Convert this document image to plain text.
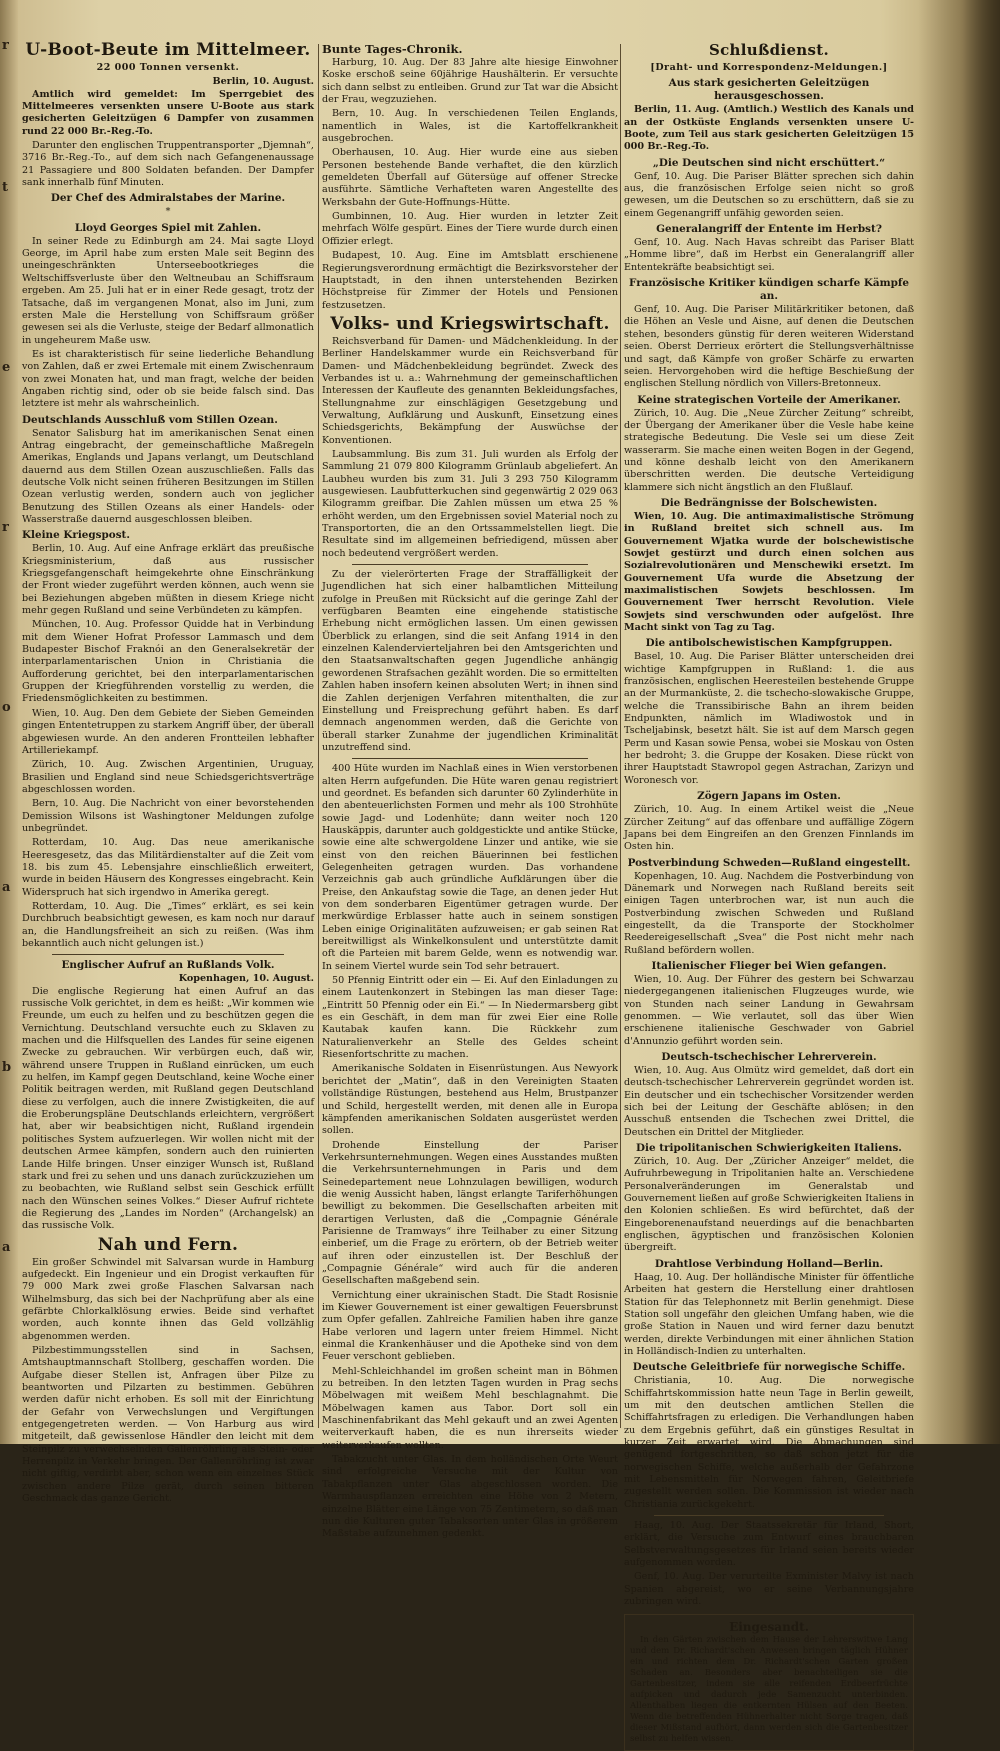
r
t
e
r
o
a
b
a
U-Boot-Beute im Mittelmeer.
22 000 Tonnen versenkt.
Berlin, 10. August.

Amtlich wird gemeldet: Im Sperrgebiet des Mittelmeeres versenkten unsere U-Boote aus stark gesicherten Geleitzügen 6 Dampfer von zusammen rund 22 000 Br.-Reg.-To.

Darunter den englischen Truppentransporter „Djemnah“, 3716 Br.-Reg.-To., auf dem sich nach Gefangenenaussage 21 Passagiere und 800 Soldaten befanden. Der Dampfer sank innerhalb fünf Minuten.

Der Chef des Admiralstabes der Marine.
*
Lloyd Georges Spiel mit Zahlen.

In seiner Rede zu Edinburgh am 24. Mai sagte Lloyd George, im April habe zum ersten Male seit Beginn des uneingeschränkten Unterseebootkrieges die Weltschiffsverluste über den Weltneubau an Schiffsraum ergeben. Am 25. Juli hat er in einer Rede gesagt, trotz der Tatsache, daß im vergangenen Monat, also im Juni, zum ersten Male die Herstellung von Schiffsraum größer gewesen sei als die Verluste, steige der Bedarf allmonatlich in ungeheurem Maße usw.

Es ist charakteristisch für seine liederliche Behandlung von Zahlen, daß er zwei Ertemale mit einem Zwischenraum von zwei Monaten hat, und man fragt, welche der beiden Angaben richtig sind, oder ob sie beide falsch sind. Das letztere ist mehr als wahrscheinlich.

Deutschlands Ausschluß vom Stillen Ozean.

Senator Salisburg hat im amerikanischen Senat einen Antrag eingebracht, der gemeinschaftliche Maßregeln Amerikas, Englands und Japans verlangt, um Deutschland dauernd aus dem Stillen Ozean auszuschließen. Falls das deutsche Volk nicht seinen früheren Besitzungen im Stillen Ozean verlustig werden, sondern auch von jeglicher Benutzung des Stillen Ozeans als einer Handels- oder Wasserstraße dauernd ausgeschlossen bleiben.

Kleine Kriegspost.

Berlin, 10. Aug. Auf eine Anfrage erklärt das preußische Kriegsministerium, daß aus russischer Kriegsgefangenschaft heimgekehrte ohne Einschränkung der Front wieder zugeführt werden können, auch wenn sie bei Beziehungen abgeben müßten in diesem Kriege nicht mehr gegen Rußland und seine Verbündeten zu kämpfen.

München, 10. Aug. Professor Quidde hat in Verbindung mit dem Wiener Hofrat Professor Lammasch und dem Budapester Bischof Fraknói an den Generalsekretär der interparlamentarischen Union in Christiania die Aufforderung gerichtet, bei den interparlamentarischen Gruppen der Kriegführenden vorstellig zu werden, die Friedensmöglichkeiten zu bestimmen.

Wien, 10. Aug. Den dem Gebiete der Sieben Gemeinden gingen Ententetruppen zu starkem Angriff über, der überall abgewiesen wurde. An den anderen Frontteilen lebhafter Artilleriekampf.

Zürich, 10. Aug. Zwischen Argentinien, Uruguay, Brasilien und England sind neue Schiedsgerichtsverträge abgeschlossen worden.

Bern, 10. Aug. Die Nachricht von einer bevorstehenden Demission Wilsons ist Washingtoner Meldungen zufolge unbegründet.

Rotterdam, 10. Aug. Das neue amerikanische Heeresgesetz, das das Militärdienstalter auf die Zeit vom 18. bis zum 45. Lebensjahre einschließlich erweitert, wurde in beiden Häusern des Kongresses eingebracht. Kein Widerspruch hat sich irgendwo in Amerika geregt.

Rotterdam, 10. Aug. Die „Times“ erklärt, es sei kein Durchbruch beabsichtigt gewesen, es kam noch nur darauf an, die Handlungsfreiheit an sich zu reißen. (Was ihm bekanntlich auch nicht gelungen ist.)

Englischer Aufruf an Rußlands Volk.
Kopenhagen, 10. August.

Die englische Regierung hat einen Aufruf an das russische Volk gerichtet, in dem es heißt: „Wir kommen wie Freunde, um euch zu helfen und zu beschützen gegen die Vernichtung. Deutschland versuchte euch zu Sklaven zu machen und die Hilfsquellen des Landes für seine eigenen Zwecke zu gebrauchen. Wir verbürgen euch, daß wir, während unsere Truppen in Rußland einrücken, um euch zu helfen, im Kampf gegen Deutschland, keine Woche einer Politik beitragen werden, mit Rußland gegen Deutschland diese zu verfolgen, auch die innere Zwistigkeiten, die auf die Eroberungspläne Deutschlands erleichtern, vergrößert hat, aber wir beabsichtigen nicht, Rußland irgendein politisches System aufzuerlegen. Wir wollen nicht mit der deutschen Armee kämpfen, sondern auch den ruinierten Lande Hilfe bringen. Unser einziger Wunsch ist, Rußland stark und frei zu sehen und uns danach zurückzuziehen um zu beobachten, wie Rußland selbst sein Geschick erfüllt nach den Wünschen seines Volkes.“ Dieser Aufruf richtete die Regierung des „Landes im Norden“ (Archangelsk) an das russische Volk.

Nah und Fern.

Ein großer Schwindel mit Salvarsan wurde in Hamburg aufgedeckt. Ein Ingenieur und ein Drogist verkauften für 79 000 Mark zwei große Flaschen Salvarsan nach Wilhelmsburg, das sich bei der Nachprüfung aber als eine gefärbte Chlorkalklösung erwies. Beide sind verhaftet worden, auch konnte ihnen das Geld vollzählig abgenommen werden.

Pilzbestimmungsstellen sind in Sachsen, Amtshauptmannschaft Stollberg, geschaffen worden. Die Aufgabe dieser Stellen ist, Anfragen über Pilze zu beantworten und Pilzarten zu bestimmen. Gebühren werden dafür nicht erhoben. Es soll mit der Einrichtung der Gefahr von Verwechslungen und Vergiftungen entgegengetreten werden. — Von Harburg aus wird mitgeteilt, daß gewissenlose Händler den leicht mit dem Steinpilz zu verwechselnden Gallenröhrling als Stein- oder Herrenpilz in Verkehr bringen. Der Gallenröhrling ist zwar nicht giftig, verdirbt aber, schon wenn ein einzelnes Stück zwischen andere Pilze gerät, durch seinen bitteren Geschmack das ganze Gericht.

Bunte Tages-Chronik.

Harburg, 10. Aug. Der 83 Jahre alte hiesige Einwohner Koske erschoß seine 60jährige Haushälterin. Er versuchte sich dann selbst zu entleiben. Grund zur Tat war die Absicht der Frau, wegzuziehen.

Bern, 10. Aug. In verschiedenen Teilen Englands, namentlich in Wales, ist die Kartoffelkrankheit ausgebrochen.

Oberhausen, 10. Aug. Hier wurde eine aus sieben Personen bestehende Bande verhaftet, die den kürzlich gemeldeten Überfall auf Gütersüge auf offener Strecke ausführte. Sämtliche Verhafteten waren Angestellte des Werksbahn der Gute-Hoffnungs-Hütte.

Gumbinnen, 10. Aug. Hier wurden in letzter Zeit mehrfach Wölfe gespürt. Eines der Tiere wurde durch einen Offizier erlegt.

Budapest, 10. Aug. Eine im Amtsblatt erschienene Regierungsverordnung ermächtigt die Bezirksvorsteher der Hauptstadt, in den ihnen unterstehenden Bezirken Höchstpreise für Zimmer der Hotels und Pensionen festzusetzen.

Volks- und Kriegswirtschaft.

Reichsverband für Damen- und Mädchenkleidung. In der Berliner Handelskammer wurde ein Reichsverband für Damen- und Mädchenbekleidung begründet. Zweck des Verbandes ist u. a.: Wahrnehmung der gemeinschaftlichen Interessen der Kaufleute des genannten Bekleidungsfaches, Stellungnahme zur einschlägigen Gesetzgebung und Verwaltung, Aufklärung und Auskunft, Einsetzung eines Schiedsgerichts, Bekämpfung der Auswüchse der Konventionen.

Laubsammlung. Bis zum 31. Juli wurden als Erfolg der Sammlung 21 079 800 Kilogramm Grünlaub abgeliefert. An Laubheu wurden bis zum 31. Juli 3 293 750 Kilogramm ausgewiesen. Laubfutterkuchen sind gegenwärtig 2 029 063 Kilogramm greifbar. Die Zahlen müssen um etwa 25 % erhöht werden, um den Ergebnissen soviel Material noch zu Transportorten, die an den Ortssammelstellen liegt. Die Resultate sind im allgemeinen befriedigend, müssen aber noch bedeutend vergrößert werden.

Zu der vielerörterten Frage der Straffälligkeit der Jugendlichen hat sich einer halbamtlichen Mitteilung zufolge in Preußen mit Rücksicht auf die geringe Zahl der verfügbaren Beamten eine eingehende statistische Erhebung nicht ermöglichen lassen. Um einen gewissen Überblick zu erlangen, sind die seit Anfang 1914 in den einzelnen Kalendervierteljahren bei den Amtsgerichten und den Staatsanwaltschaften gegen Jugendliche anhängig gewordenen Strafsachen gezählt worden. Die so ermittelten Zahlen haben insofern keinen absoluten Wert; in ihnen sind die Zahlen derjenigen Verfahren mitenthalten, die zur Einstellung und Freisprechung geführt haben. Es darf demnach angenommen werden, daß die Gerichte von überall starker Zunahme der jugendlichen Kriminalität unzutreffend sind.

400 Hüte wurden im Nachlaß eines in Wien verstorbenen alten Herrn aufgefunden. Die Hüte waren genau registriert und geordnet. Es befanden sich darunter 60 Zylinderhüte in den abenteuerlichsten Formen und mehr als 100 Strohhüte sowie Jagd- und Lodenhüte; dann weiter noch 120 Hauskäppis, darunter auch goldgestickte und antike Stücke, sowie eine alte schwergoldene Linzer und antike, wie sie einst von den reichen Bäuerinnen bei festlichen Gelegenheiten getragen wurden. Das vorhandene Verzeichnis gab auch gründliche Aufklärungen über die Preise, den Ankaufstag sowie die Tage, an denen jeder Hut von dem sonderbaren Eigentümer getragen wurde. Der merkwürdige Erblasser hatte auch in seinem sonstigen Leben einige Originalitäten aufzuweisen; er gab seinen Rat bereitwilligst als Winkelkonsulent und unterstützte damit oft die Parteien mit barem Gelde, wenn es notwendig war. In seinem Viertel wurde sein Tod sehr betrauert.

50 Pfennig Eintritt oder ein — Ei. Auf den Einladungen zu einem Lautenkonzert in Stebingen las man dieser Tage: „Eintritt 50 Pfennig oder ein Ei.“ — In Niedermarsberg gibt es ein Geschäft, in dem man für zwei Eier eine Rolle Kautabak kaufen kann. Die Rückkehr zum Naturalienverkehr an Stelle des Geldes scheint Riesenfortschritte zu machen.

Amerikanische Soldaten in Eisenrüstungen. Aus Newyork berichtet der „Matin“, daß in den Vereinigten Staaten vollständige Rüstungen, bestehend aus Helm, Brustpanzer und Schild, hergestellt werden, mit denen alle in Europa kämpfenden amerikanischen Soldaten ausgerüstet werden sollen.

Drohende Einstellung der Pariser Verkehrsunternehmungen. Wegen eines Ausstandes mußten die Verkehrsunternehmungen in Paris und dem Seinedepartement neue Lohnzulagen bewilligen, wodurch die wenig Aussicht haben, längst erlangte Tariferhöhungen bewilligt zu bekommen. Die Gesellschaften arbeiten mit derartigen Verlusten, daß die „Compagnie Générale Parisienne de Tramways“ ihre Teilhaber zu einer Sitzung einberief, um die Frage zu erörtern, ob der Betrieb weiter auf ihren oder einzustellen ist. Der Beschluß der „Compagnie Générale“ wird auch für die anderen Gesellschaften maßgebend sein.

Vernichtung einer ukrainischen Stadt. Die Stadt Rosisnie im Kiewer Gouvernement ist einer gewaltigen Feuersbrunst zum Opfer gefallen. Zahlreiche Familien haben ihre ganze Habe verloren und lagern unter freiem Himmel. Nicht einmal die Krankenhäuser und die Apotheke sind von dem Feuer verschont geblieben.

Mehl-Schleichhandel im großen scheint man in Böhmen zu betreiben. In den letzten Tagen wurden in Prag sechs Möbelwagen mit weißem Mehl beschlagnahmt. Die Möbelwagen kamen aus Tabor. Dort soll ein Maschinenfabrikant das Mehl gekauft und an zwei Agenten weiterverkauft haben, die es nun ihrerseits wieder weiterverkaufen wollten.

Tabakzucht unter Glas. In dem holländischen Orte Weurt sind erfolgreiche Versuche mit der Kultur von Tabakpflanzen unter Glas abgeschlossen worden. Die Warmhauspflanzen erreichten eine Höhe von 2 Metern, einzelne Blätter eine Länge von 75 Zentimetern, so daß man nun die Kulturen guter Tabaksorten unter Glas in größerem Maßstabe aufzunehmen gedenkt.

Schlußdienst.
[Draht- und Korrespondenz-Meldungen.]
Aus stark gesicherten Geleitzügen herausgeschossen.

Berlin, 11. Aug. (Amtlich.) Westlich des Kanals und an der Ostküste Englands versenkten unsere U-Boote, zum Teil aus stark gesicherten Geleitzügen 15 000 Br.-Reg.-To.

„Die Deutschen sind nicht erschüttert.“

Genf, 10. Aug. Die Pariser Blätter sprechen sich dahin aus, die französischen Erfolge seien nicht so groß gewesen, um die Deutschen so zu erschüttern, daß sie zu einem Gegenangriff unfähig geworden seien.

Generalangriff der Entente im Herbst?

Genf, 10. Aug. Nach Havas schreibt das Pariser Blatt „Homme libre“, daß im Herbst ein Generalangriff aller Ententekräfte beabsichtigt sei.

Französische Kritiker kündigen scharfe Kämpfe an.

Genf, 10. Aug. Die Pariser Militärkritiker betonen, daß die Höhen an Vesle und Aisne, auf denen die Deutschen stehen, besonders günstig für deren weiteren Widerstand seien. Oberst Derrieux erörtert die Stellungsverhältnisse und sagt, daß Kämpfe von großer Schärfe zu erwarten seien. Hervorgehoben wird die heftige Beschießung der englischen Stellung nördlich von Villers-Bretonneux.

Keine strategischen Vorteile der Amerikaner.

Zürich, 10. Aug. Die „Neue Zürcher Zeitung“ schreibt, der Übergang der Amerikaner über die Vesle habe keine strategische Bedeutung. Die Vesle sei um diese Zeit wasserarm. Sie mache einen weiten Bogen in der Gegend, und könne deshalb leicht von den Amerikanern überschritten werden. Die deutsche Verteidigung klammere sich nicht ängstlich an den Flußlauf.

Die Bedrängnisse der Bolschewisten.

Wien, 10. Aug. Die antimaximalistische Strömung in Rußland breitet sich schnell aus. Im Gouvernement Wjatka wurde der bolschewistische Sowjet gestürzt und durch einen solchen aus Sozialrevolutionären und Menschewiki ersetzt. Im Gouvernement Ufa wurde die Absetzung der maximalistischen Sowjets beschlossen. Im Gouvernement Twer herrscht Revolution. Viele Sowjets sind verschwunden oder aufgelöst. Ihre Macht sinkt von Tag zu Tag.

Die antibolschewistischen Kampfgruppen.

Basel, 10. Aug. Die Pariser Blätter unterscheiden drei wichtige Kampfgruppen in Rußland: 1. die aus französischen, englischen Heeresteilen bestehende Gruppe an der Murmanküste, 2. die tschecho-slowakische Gruppe, welche die Transsibirische Bahn an ihrem beiden Endpunkten, nämlich im Wladiwostok und in Tscheljabinsk, besetzt hält. Sie ist auf dem Marsch gegen Perm und Kasan sowie Pensa, wobei sie Moskau von Osten her bedroht; 3. die Gruppe der Kosaken. Diese rückt von ihrer Hauptstadt Stawropol gegen Astrachan, Zarizyn und Woronesch vor.

Zögern Japans im Osten.

Zürich, 10. Aug. In einem Artikel weist die „Neue Zürcher Zeitung“ auf das offenbare und auffällige Zögern Japans bei dem Eingreifen an den Grenzen Finnlands im Osten hin.

Postverbindung Schweden—Rußland eingestellt.

Kopenhagen, 10. Aug. Nachdem die Postverbindung von Dänemark und Norwegen nach Rußland bereits seit einigen Tagen unterbrochen war, ist nun auch die Postverbindung zwischen Schweden und Rußland eingestellt, da die Transporte der Stockholmer Reedereigesellschaft „Svea“ die Post nicht mehr nach Rußland befördern wollen.

Italienischer Flieger bei Wien gefangen.

Wien, 10. Aug. Der Führer des gestern bei Schwarzau niedergegangenen italienischen Flugzeuges wurde, wie von Stunden nach seiner Landung in Gewahrsam genommen. — Wie verlautet, soll das über Wien erschienene italienische Geschwader von Gabriel d'Annunzio geführt worden sein.

Deutsch-tschechischer Lehrerverein.

Wien, 10. Aug. Aus Olmütz wird gemeldet, daß dort ein deutsch-tschechischer Lehrerverein gegründet worden ist. Ein deutscher und ein tschechischer Vorsitzender werden sich bei der Leitung der Geschäfte ablösen; in den Ausschuß entsenden die Tschechen zwei Drittel, die Deutschen ein Drittel der Mitglieder.

Die tripolitanischen Schwierigkeiten Italiens.

Zürich, 10. Aug. Der „Züricher Anzeiger“ meldet, die Aufruhrbewegung in Tripolitanien halte an. Verschiedene Personalveränderungen im Generalstab und Gouvernement ließen auf große Schwierigkeiten Italiens in den Kolonien schließen. Es wird befürchtet, daß der Eingeborenenaufstand neuerdings auf die benachbarten englischen, ägyptischen und französischen Kolonien übergreift.

Drahtlose Verbindung Holland—Berlin.

Haag, 10. Aug. Der holländische Minister für öffentliche Arbeiten hat gestern die Herstellung einer drahtlosen Station für das Telephonnetz mit Berlin genehmigt. Diese Station soll ungefähr den gleichen Umfang haben, wie die große Station in Nauen und wird ferner dazu benutzt werden, direkte Verbindungen mit einer ähnlichen Station in Holländisch-Indien zu unterhalten.

Deutsche Geleitbriefe für norwegische Schiffe.

Christiania, 10. Aug. Die norwegische Schiffahrtskommission hatte neun Tage in Berlin geweilt, um mit den deutschen amtlichen Stellen die Schiffahrtsfragen zu erledigen. Die Verhandlungen haben zu dem Ergebnis geführt, daß ein günstiges Resultat in kurzer Zeit erwartet wird. Die Abmachungen sind genügend fortgeschritten, so daß schon jetzt für die norwegischen Schiffe, welche außerhalb der Gefahrzone mit Lebensmitteln für Norwegen fahren, Geleitbriefe zugestellt werden sollen. Die Kommission ist wieder nach Christiania zurückgekehrt.

Haag, 10. Aug. Der Staatssekretär für Irland, Short, erklärt, die Versuche zum Entwurf eines brauchbaren Selbstverwaltungsgesetzes für Irland seien bereits wieder aufgenommen worden.

Genf, 10. Aug. Der verurteilte Exminister Malvy ist nach Spanien abgereist, wo er seine Verbannungsjahre zubringen wird.

Eingesandt.

In den Gärten zwischen dem Hause der Lehrerswitwe Lang und dem Dr. Richardt'schen Anwesen bringen täglich Hühner ein und richten dem Dr. Richardt'schen Garten großen Schaden an. Besonders aber benachteiligen sie die Gartenbesitzer, indem sie alle reifenden Erdbeerfrüchte aufpicken und dadurch jede Samenzucht unterbinden. Allenthalben liegen die entkernten Hülsen auf den Beeten. Wenn die betreffenden Hühnerhalter nicht Sorge tragen, daß dieser Mißstand aufhört, dann werden sich die Gartenbesitzer selbst zu helfen wissen.
